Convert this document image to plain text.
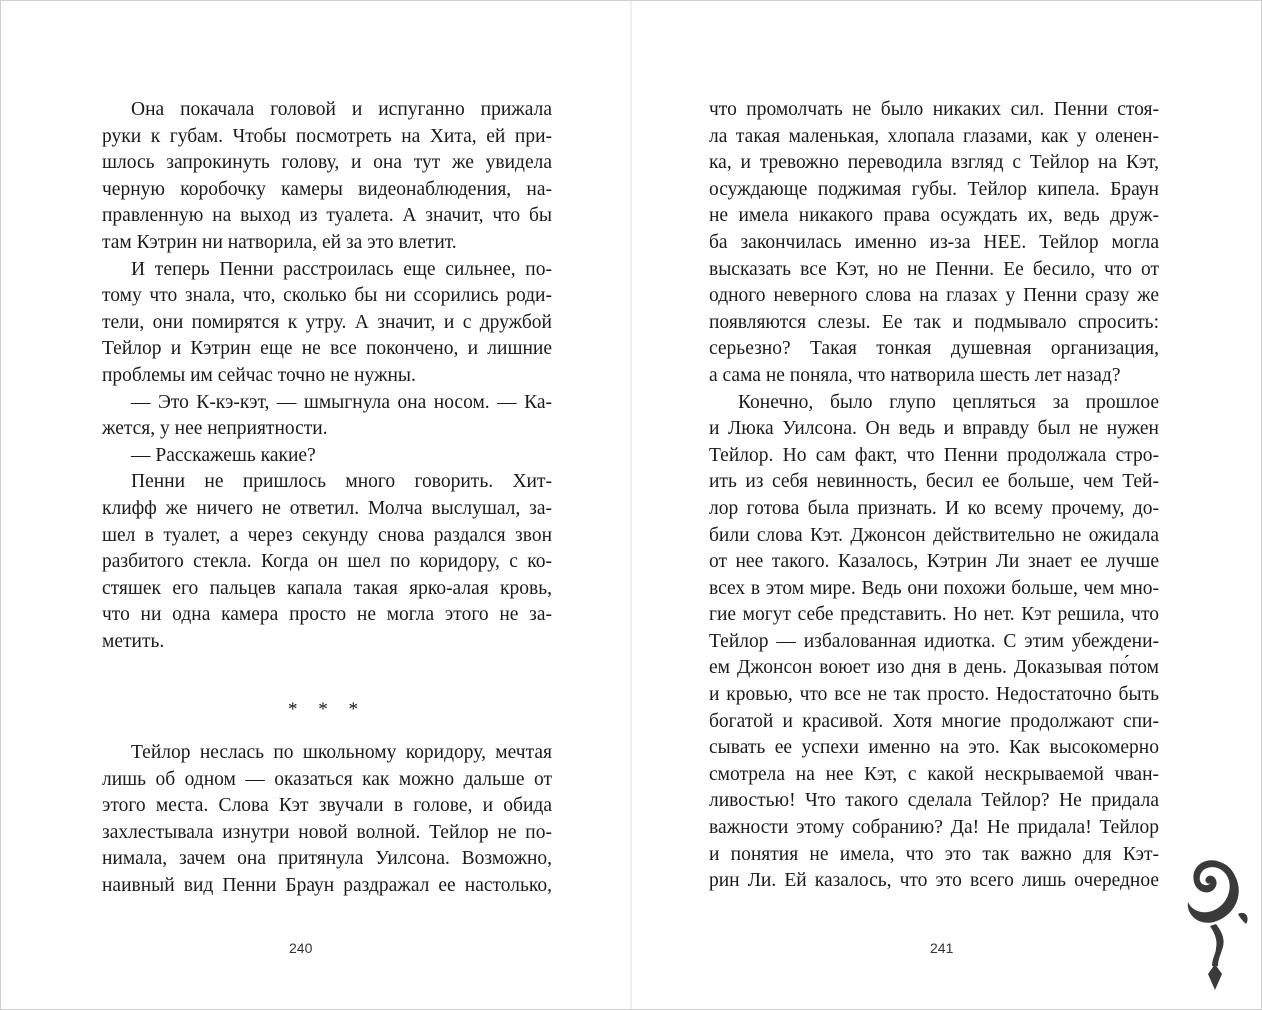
Она покачала головой и испуганно прижала
руки к губам. Чтобы посмотреть на Хита, ей при-
шлось запрокинуть голову, и она тут же увидела
черную коробочку камеры видеонаблюдения, на-
правленную на выход из туалета. А значит, что бы
там Кэтрин ни натворила, ей за это влетит.
И теперь Пенни расстроилась еще сильнее, по-
тому что знала, что, сколько бы ни ссорились роди-
тели, они помирятся к утру. А значит, и с дружбой
Тейлор и Кэтрин еще не все покончено, и лишние
проблемы им сейчас точно не нужны.
— Это К-кэ-кэт, — шмыгнула она носом. — Ка-
жется, у нее неприятности.
— Расскажешь какие?
Пенни не пришлось много говорить. Хит-
клифф же ничего не ответил. Молча выслушал, за-
шел в туалет, а через секунду снова раздался звон
разбитого стекла. Когда он шел по коридору, с ко-
стяшек его пальцев капала такая ярко-алая кровь,
что ни одна камера просто не могла этого не за-
метить.
* * *
Тейлор неслась по школьному коридору, мечтая
лишь об одном — оказаться как можно дальше от
этого места. Слова Кэт звучали в голове, и обида
захлестывала изнутри новой волной. Тейлор не по-
нимала, зачем она притянула Уилсона. Возможно,
наивный вид Пенни Браун раздражал ее настолько,
что промолчать не было никаких сил. Пенни стоя-
ла такая маленькая, хлопала глазами, как у оленен-
ка, и тревожно переводила взгляд с Тейлор на Кэт,
осуждающе поджимая губы. Тейлор кипела. Браун
не имела никакого права осуждать их, ведь друж-
ба закончилась именно из-за НЕЕ. Тейлор могла
высказать все Кэт, но не Пенни. Ее бесило, что от
одного неверного слова на глазах у Пенни сразу же
появляются слезы. Ее так и подмывало спросить:
серьезно? Такая тонкая душевная организация,
а сама не поняла, что натворила шесть лет назад?
Конечно, было глупо цепляться за прошлое
и Люка Уилсона. Он ведь и вправду был не нужен
Тейлор. Но сам факт, что Пенни продолжала стро-
ить из себя невинность, бесил ее больше, чем Тей-
лор готова была признать. И ко всему прочему, до-
били слова Кэт. Джонсон действительно не ожидала
от нее такого. Казалось, Кэтрин Ли знает ее лучше
всех в этом мире. Ведь они похожи больше, чем мно-
гие могут себе представить. Но нет. Кэт решила, что
Тейлор — избалованная идиотка. С этим убеждени-
ем Джонсон воюет изо дня в день. Доказывая по́том
и кровью, что все не так просто. Недостаточно быть
богатой и красивой. Хотя многие продолжают спи-
сывать ее успехи именно на это. Как высокомерно
смотрела на нее Кэт, с какой нескрываемой чван-
ливостью! Что такого сделала Тейлор? Не придала
важности этому собранию? Да! Не придала! Тейлор
и понятия не имела, что это так важно для Кэт-
рин Ли. Ей казалось, что это всего лишь очередное
240	241
